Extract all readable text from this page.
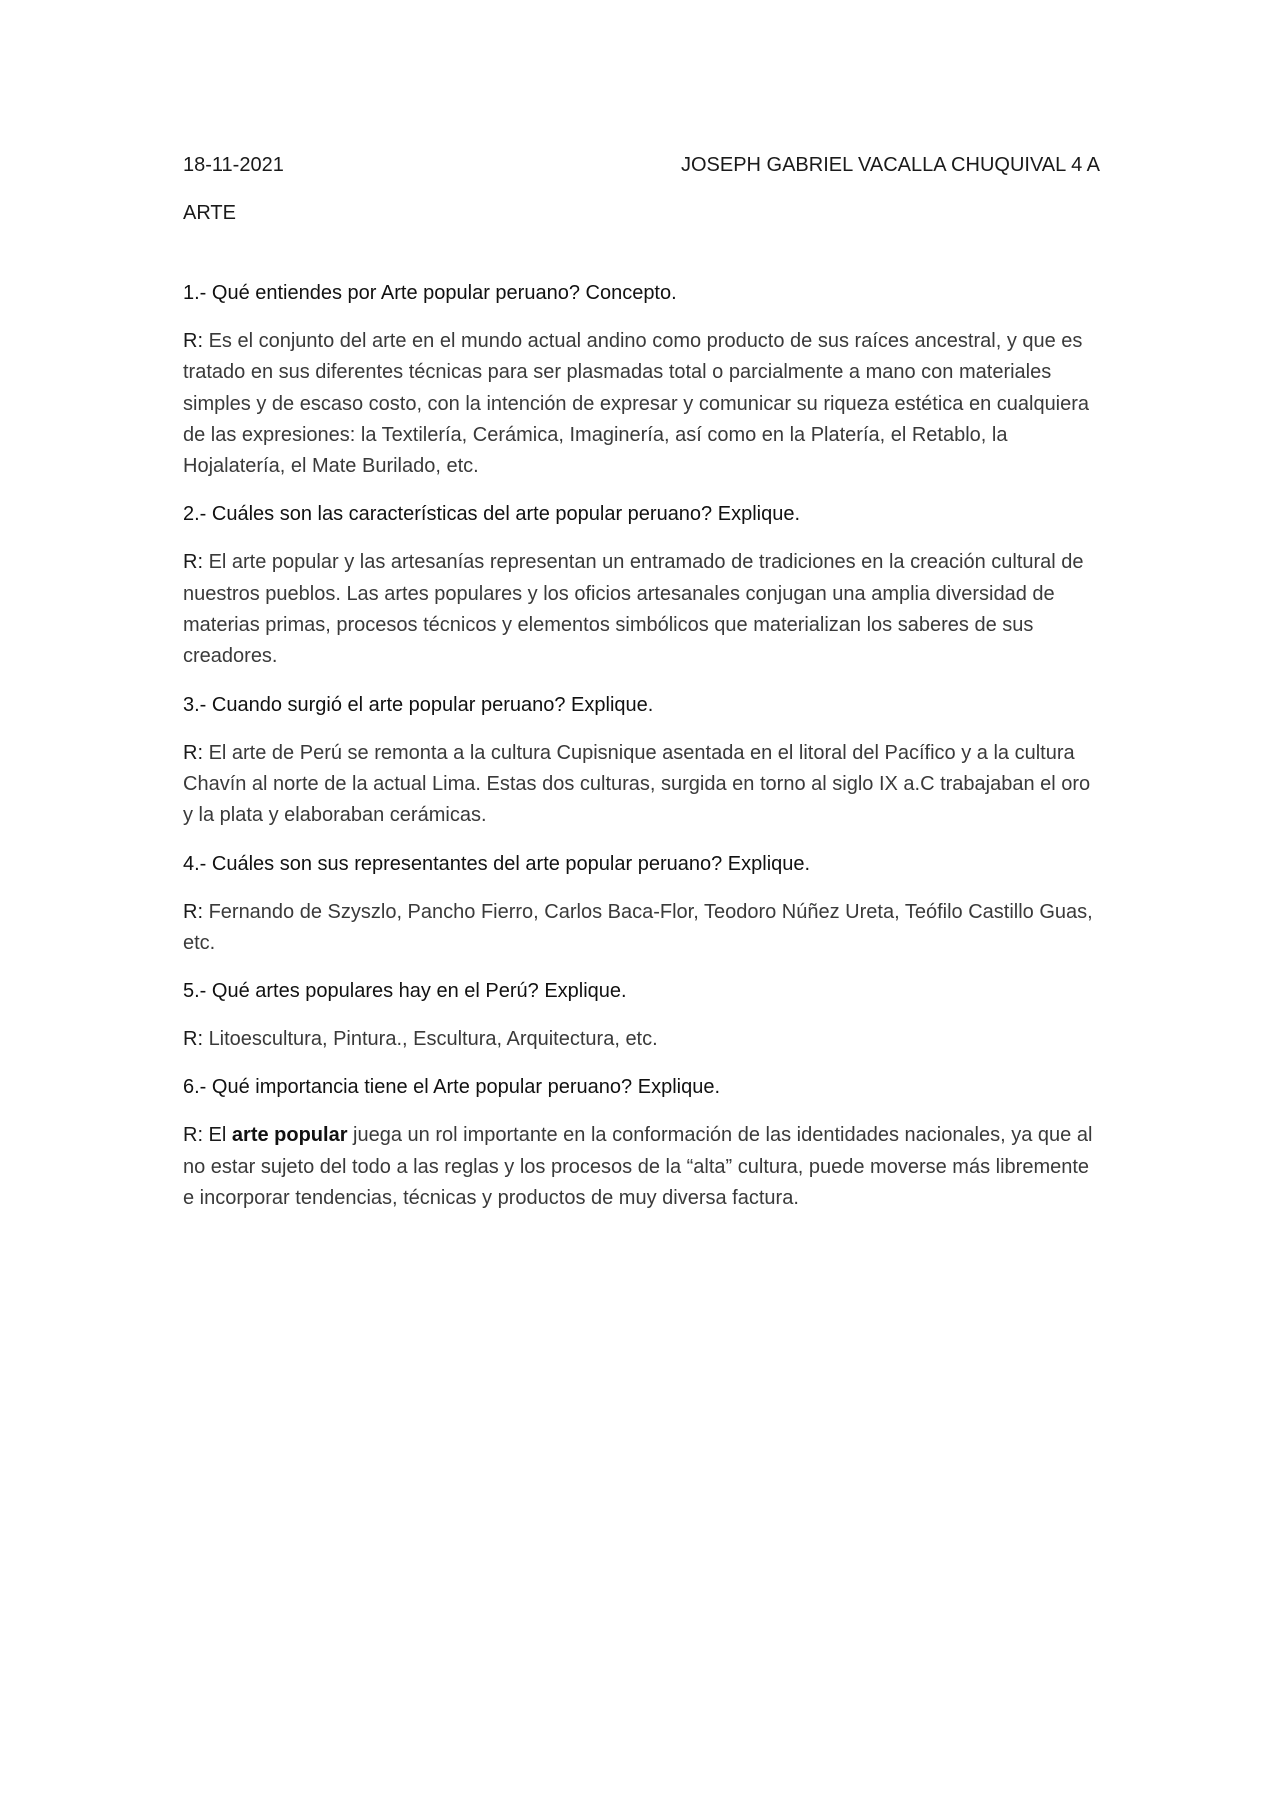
18-11-2021	JOSEPH GABRIEL VACALLA CHUQUIVAL 4 A
ARTE

1.- Qué entiendes por Arte popular peruano? Concepto.

R: Es el conjunto del arte en el mundo actual andino como producto de sus raíces ancestral, y que es tratado en sus diferentes técnicas para ser plasmadas total o parcialmente a mano con materiales simples y de escaso costo, con la intención de expresar y comunicar su riqueza estética en cualquiera de las expresiones: la Textilería, Cerámica, Imaginería, así como en la Platería, el Retablo, la Hojalatería, el Mate Burilado, etc.

2.- Cuáles son las características del arte popular peruano? Explique.

R: El arte popular y las artesanías representan un entramado de tradiciones en la creación cultural de nuestros pueblos. Las artes populares y los oficios artesanales conjugan una amplia diversidad de materias primas, procesos técnicos y elementos simbólicos que materializan los saberes de sus creadores.

3.- Cuando surgió el arte popular peruano? Explique.

R: El arte de Perú se remonta a la cultura Cupisnique asentada en el litoral del Pacífico y a la cultura Chavín al norte de la actual Lima. Estas dos culturas, surgida en torno al siglo IX a.C trabajaban el oro y la plata y elaboraban cerámicas.

4.- Cuáles son sus representantes del arte popular peruano? Explique.

R: Fernando de Szyszlo, Pancho Fierro, Carlos Baca-Flor, Teodoro Núñez Ureta, Teófilo Castillo Guas, etc.

5.- Qué artes populares hay en el Perú? Explique.

R: Litoescultura, Pintura., Escultura, Arquitectura, etc.

6.- Qué importancia tiene el Arte popular peruano? Explique.

R: El arte popular juega un rol importante en la conformación de las identidades nacionales, ya que al no estar sujeto del todo a las reglas y los procesos de la “alta” cultura, puede moverse más libremente e incorporar tendencias, técnicas y productos de muy diversa factura.
